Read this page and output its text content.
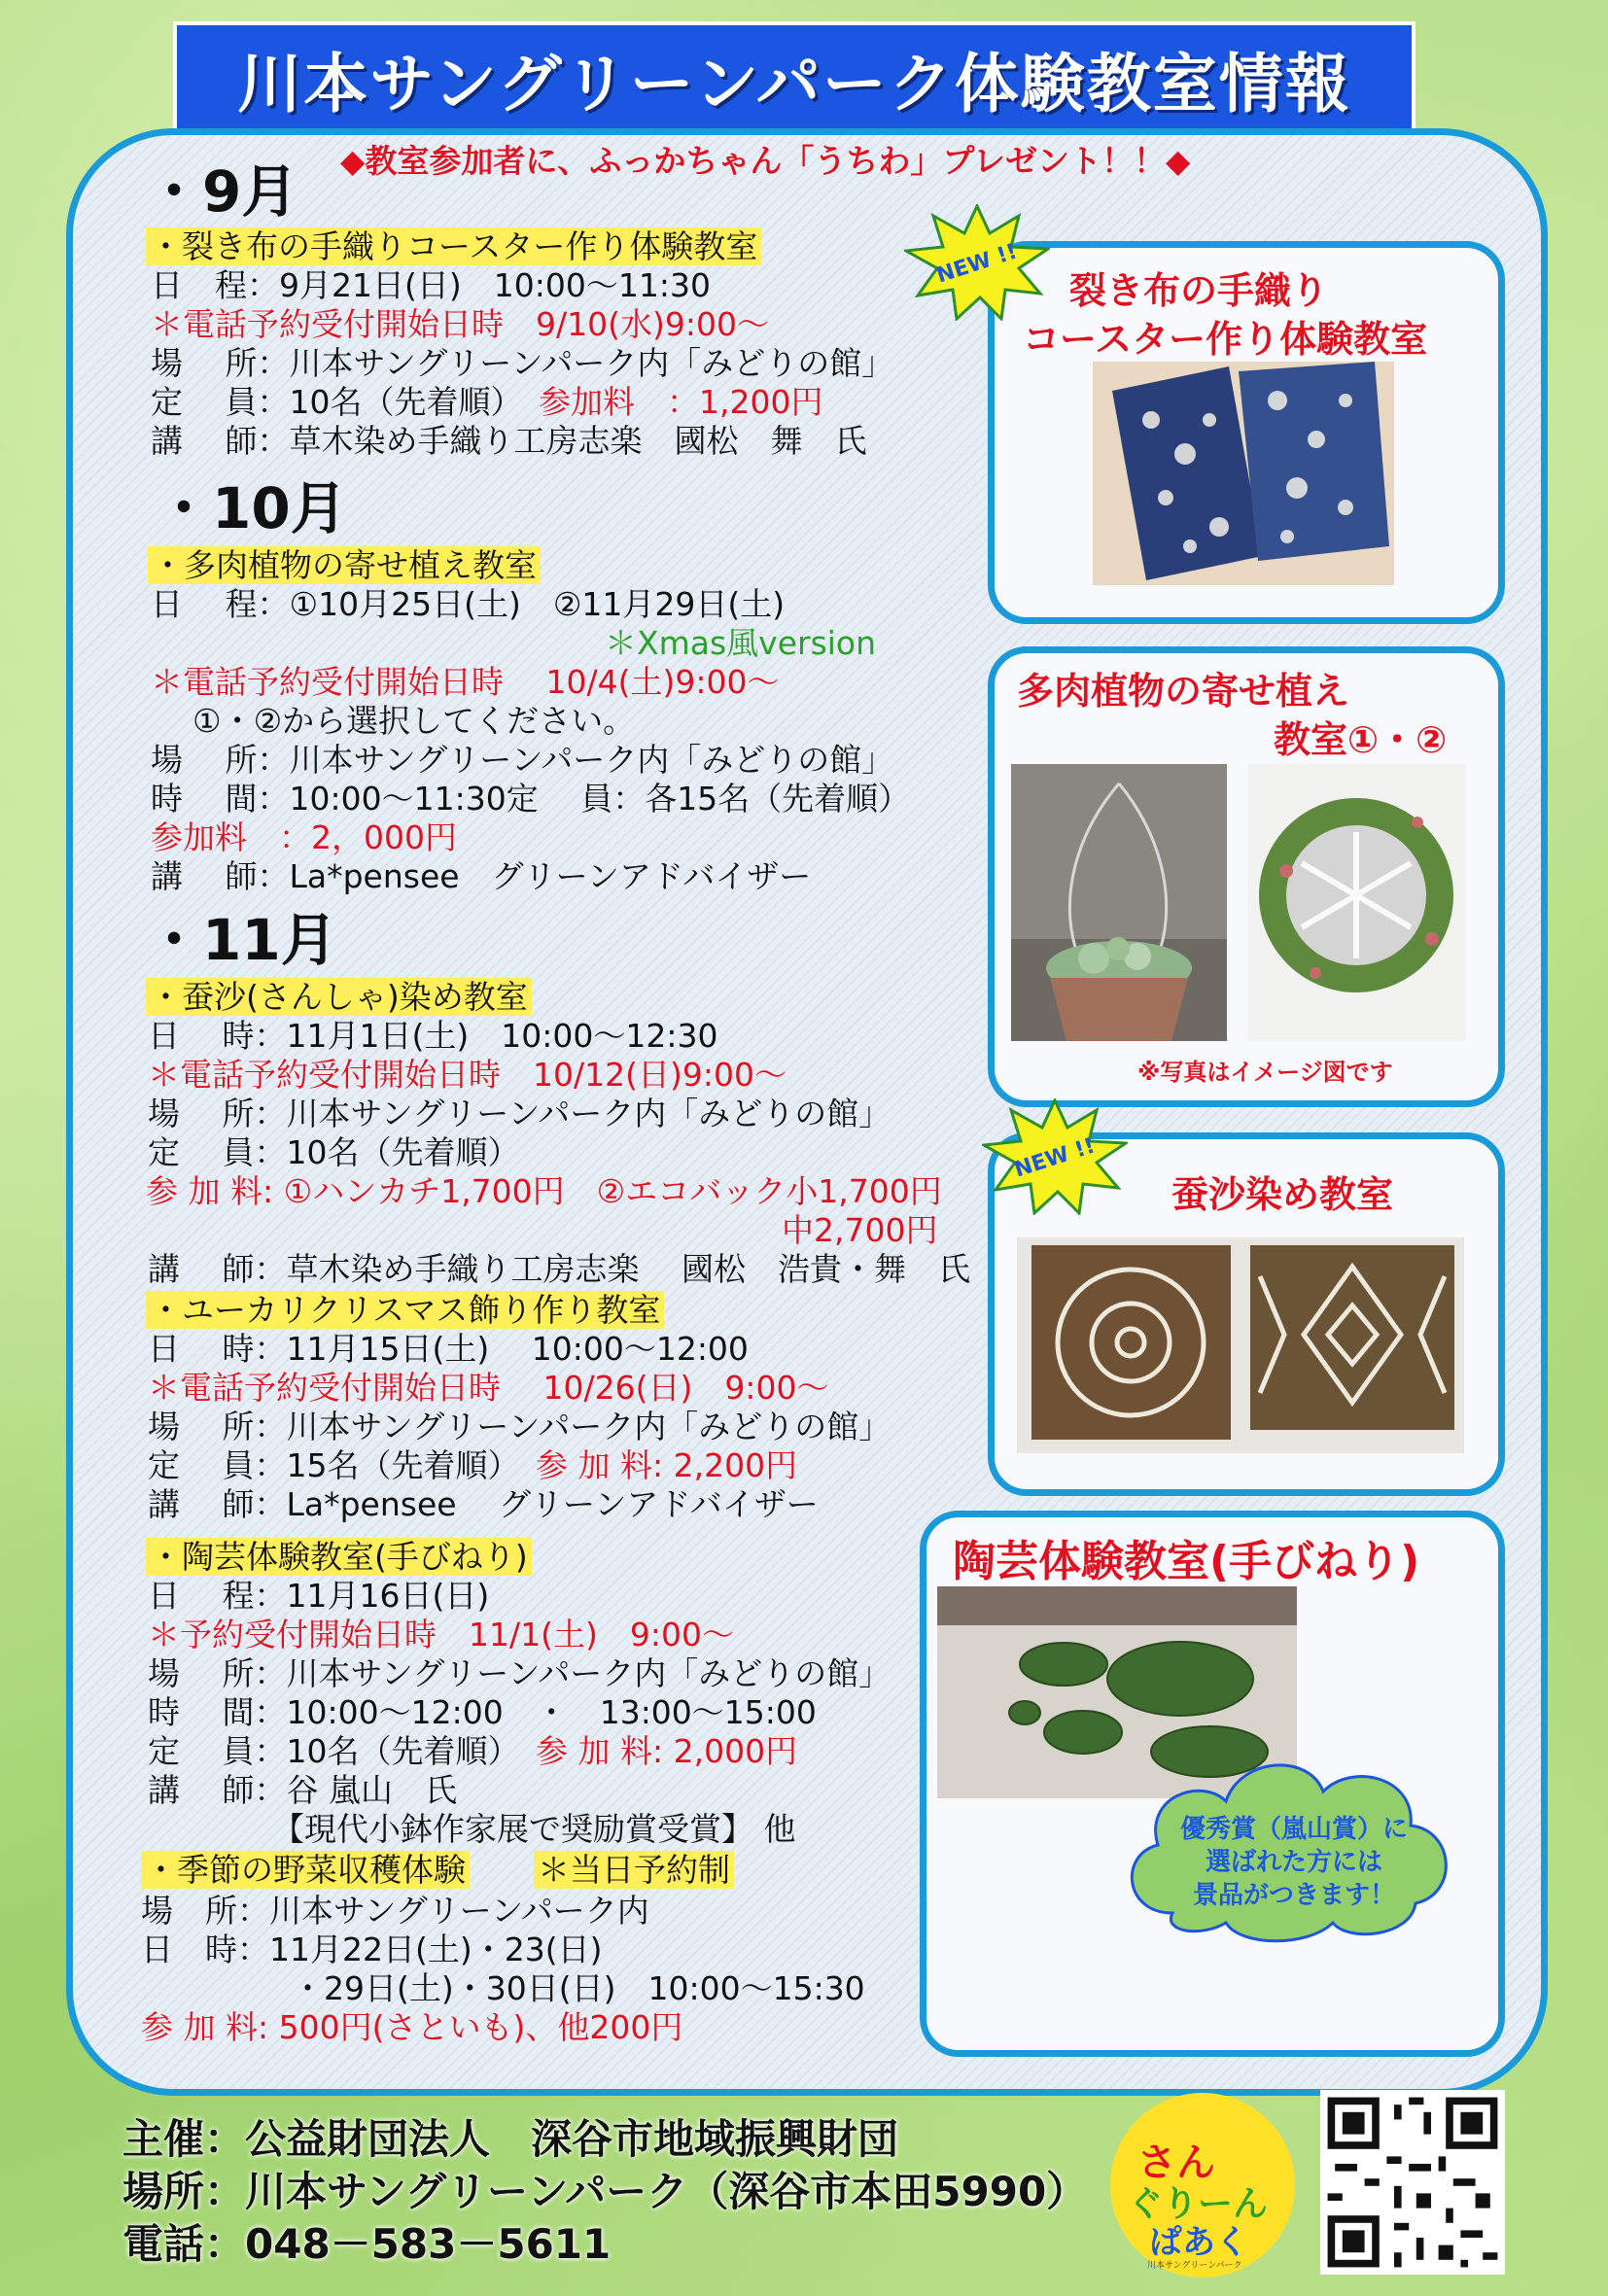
川本サングリーンパーク体験教室情報
◆教室参加者に、ふっかちゃん「うちわ」プレゼント！！◆
・9月
・裂き布の手織りコースター作り体験教室
日　程：9月21日(日)　10:00～11:30
＊電話予約受付開始日時　9/10(水)9:00～
場　 所：川本サングリーンパーク内「みどりの館」
定　 員：10名（先着順）　 参加料　：1,200円
講　 師：草木染め手織り工房志楽　國松　舞　氏
・10月
・多肉植物の寄せ植え教室
日　 程：①10月25日(土)　②11月29日(土)
＊Xmas風version
＊電話予約受付開始日時　 10/4(土)9:00～
①・②から選択してください。
場　 所：川本サングリーンパーク内「みどりの館」
時　 間：10:00～11:30定　 員：各15名（先着順）
参加料　：2，000円
講　 師：La*pensee　グリーンアドバイザー
・11月
・蚕沙(さんしゃ)染め教室
日　 時：11月1日(土)　10:00～12:30
＊電話予約受付開始日時　10/12(日)9:00～
場　 所：川本サングリーンパーク内「みどりの館」
定　 員：10名（先着順）
参 加 料: ①ハンカチ1,700円　②エコバック小1,700円
中2,700円
講　 師：草木染め手織り工房志楽　 國松　浩貴・舞　氏
・ユーカリクリスマス飾り作り教室
日　 時：11月15日(土)　 10:00～12:00
＊電話予約受付開始日時　 10/26(日)　9:00～
場　 所：川本サングリーンパーク内「みどりの館」
定　 員：15名（先着順）　 参 加 料: 2,200円
講　 師：La*pensee　 グリーンアドバイザー
・陶芸体験教室(手びねり)
日　 程：11月16日(日)
＊予約受付開始日時　11/1(土)　9:00～
場　 所：川本サングリーンパーク内「みどりの館」
時　 間：10:00～12:00　・　13:00～15:00
定　 員：10名（先着順）　 参 加 料: 2,000円
講　 師：谷 嵐山　氏
【現代小鉢作家展で奨励賞受賞】 他
・季節の野菜収穫体験　　 ＊当日予約制
場　所：川本サングリーンパーク内
日　時：11月22日(土)・23(日)
・29日(土)・30日(日)　10:00～15:30
参 加 料: 500円(さといも)、他200円
裂き布の手織り
コースター作り体験教室
NEW !!
多肉植物の寄せ植え
教室①・②
※写真はイメージ図です
蚕沙染め教室
NEW !!
陶芸体験教室(手びねり)
優秀賞（嵐山賞）に
選ばれた方には
景品がつきます！
主催：公益財団法人　深谷市地域振興財団
場所：川本サングリーンパーク（深谷市本田5990）
電話：048－583－5611
さん
ぐりーん
ぱあく
川本サングリーンパーク
